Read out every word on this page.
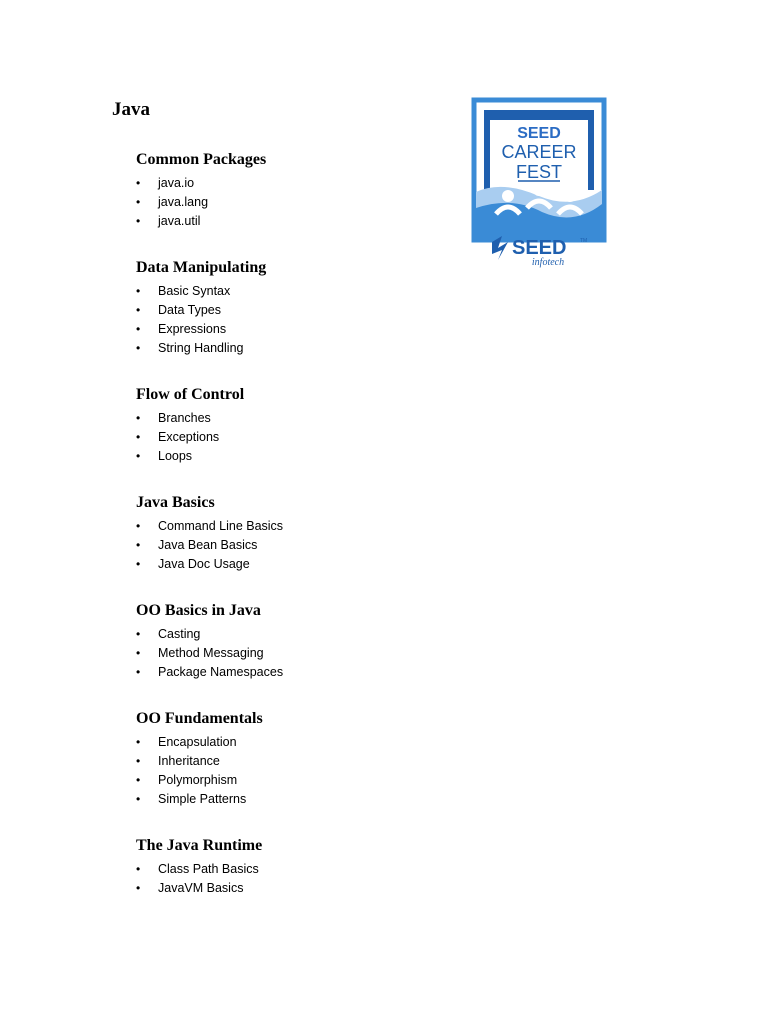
Java
Common Packages
• java.io
• java.lang
• java.util
Data Manipulating
• Basic Syntax
• Data Types
• Expressions
• String Handling
Flow of Control
• Branches
• Exceptions
• Loops
Java Basics
• Command Line Basics
• Java Bean Basics
• Java Doc Usage
OO Basics in Java
• Casting
• Method Messaging
• Package Namespaces
OO Fundamentals
• Encapsulation
• Inheritance
• Polymorphism
• Simple Patterns
The Java Runtime
• Class Path Basics
• JavaVM Basics
SEED
CAREER
FEST
SEED	TM
infotech
